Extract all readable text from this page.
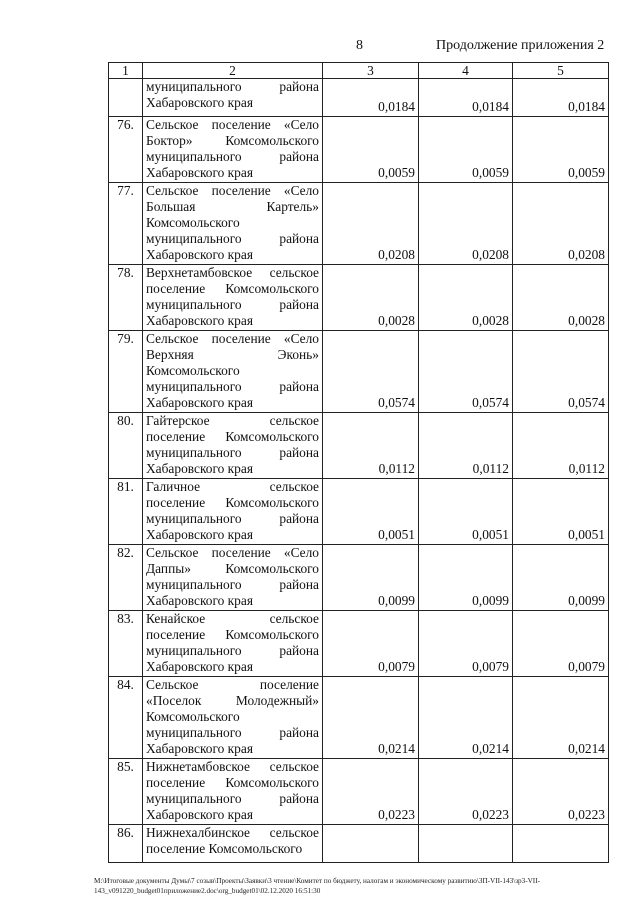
8	Продолжение приложения 2
1	2	3	4	5

	муниципального района
Хабаровского края	0,0184	0,0184	0,0184
76.	Сельское поселение «Село
Боктор» Комсомольского
муниципального района
Хабаровского края	0,0059	0,0059	0,0059
77.	Сельское поселение «Село
Большая Картель»
Комсомольского
муниципального района
Хабаровского края	0,0208	0,0208	0,0208
78.	Верхнетамбовское сельское
поселение Комсомольского
муниципального района
Хабаровского края	0,0028	0,0028	0,0028
79.	Сельское поселение «Село
Верхняя Эконь»
Комсомольского
муниципального района
Хабаровского края	0,0574	0,0574	0,0574
80.	Гайтерское сельское
поселение Комсомольского
муниципального района
Хабаровского края	0,0112	0,0112	0,0112
81.	Галичное сельское
поселение Комсомольского
муниципального района
Хабаровского края	0,0051	0,0051	0,0051
82.	Сельское поселение «Село
Даппы» Комсомольского
муниципального района
Хабаровского края	0,0099	0,0099	0,0099
83.	Кенайское сельское
поселение Комсомольского
муниципального района
Хабаровского края	0,0079	0,0079	0,0079
84.	Сельское поселение
«Поселок Молодежный»
Комсомольского
муниципального района
Хабаровского края	0,0214	0,0214	0,0214
85.	Нижнетамбовское сельское
поселение Комсомольского
муниципального района
Хабаровского края	0,0223	0,0223	0,0223
86.	Нижнехалбинское сельское
поселение Комсомольского			

M:\Итоговые документы Думы\7 созыв\Проекты\Заявки\3 чтение\Комитет по бюджету, налогам и экономическому развитию\ЗП-VII-143\зр3-VII-143_v091220_budget01приложение2.doc\org_budget01\02.12.2020 16:51:30
